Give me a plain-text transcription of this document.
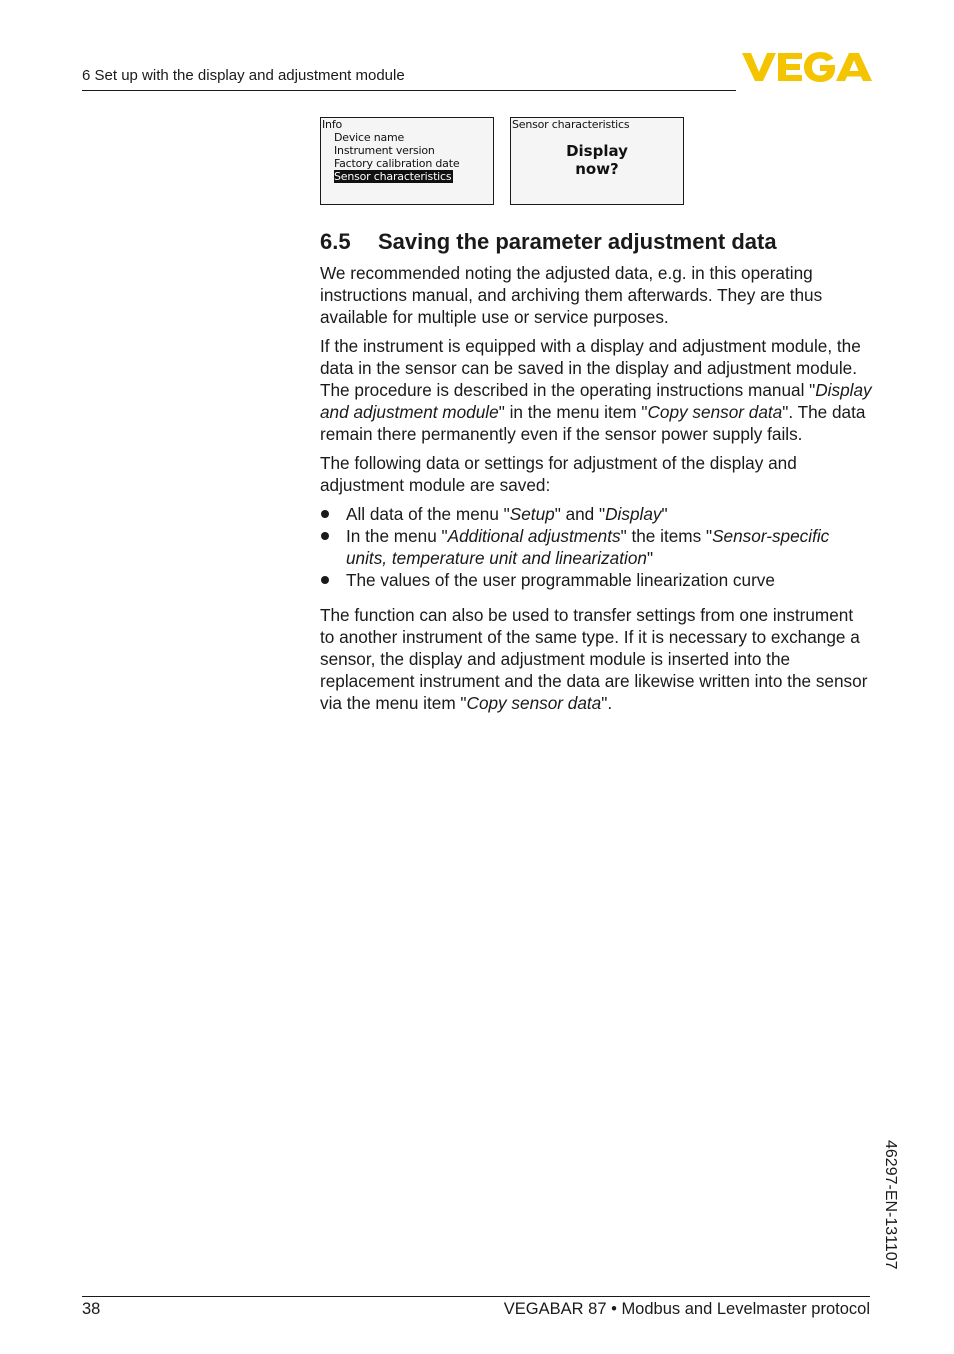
6 Set up with the display and adjustment module
Info
Device name
Instrument version
Factory calibration date
Sensor characteristics
Sensor characteristics
Display
now?
6.5 Saving the parameter adjustment data

We recommended noting the adjusted data, e.g. in this operating instructions manual, and archiving them afterwards. They are thus available for multiple use or service purposes.

If the instrument is equipped with a display and adjustment module, the data in the sensor can be saved in the display and adjustment module. The procedure is described in the operating instructions manual "Display and adjustment module" in the menu item "Copy sensor data". The data remain there permanently even if the sensor power supply fails.

The following data or settings for adjustment of the display and adjustment module are saved:

All data of the menu "Setup" and "Display"
In the menu "Additional adjustments" the items "Sensor-specific units, temperature unit and linearization"
The values of the user programmable linearization curve

The function can also be used to transfer settings from one instrument to another instrument of the same type. If it is necessary to exchange a sensor, the display and adjustment module is inserted into the replacement instrument and the data are likewise written into the sensor via the menu item "Copy sensor data".

38	VEGABAR 87 • Modbus and Levelmaster protocol
46297-EN-131107
